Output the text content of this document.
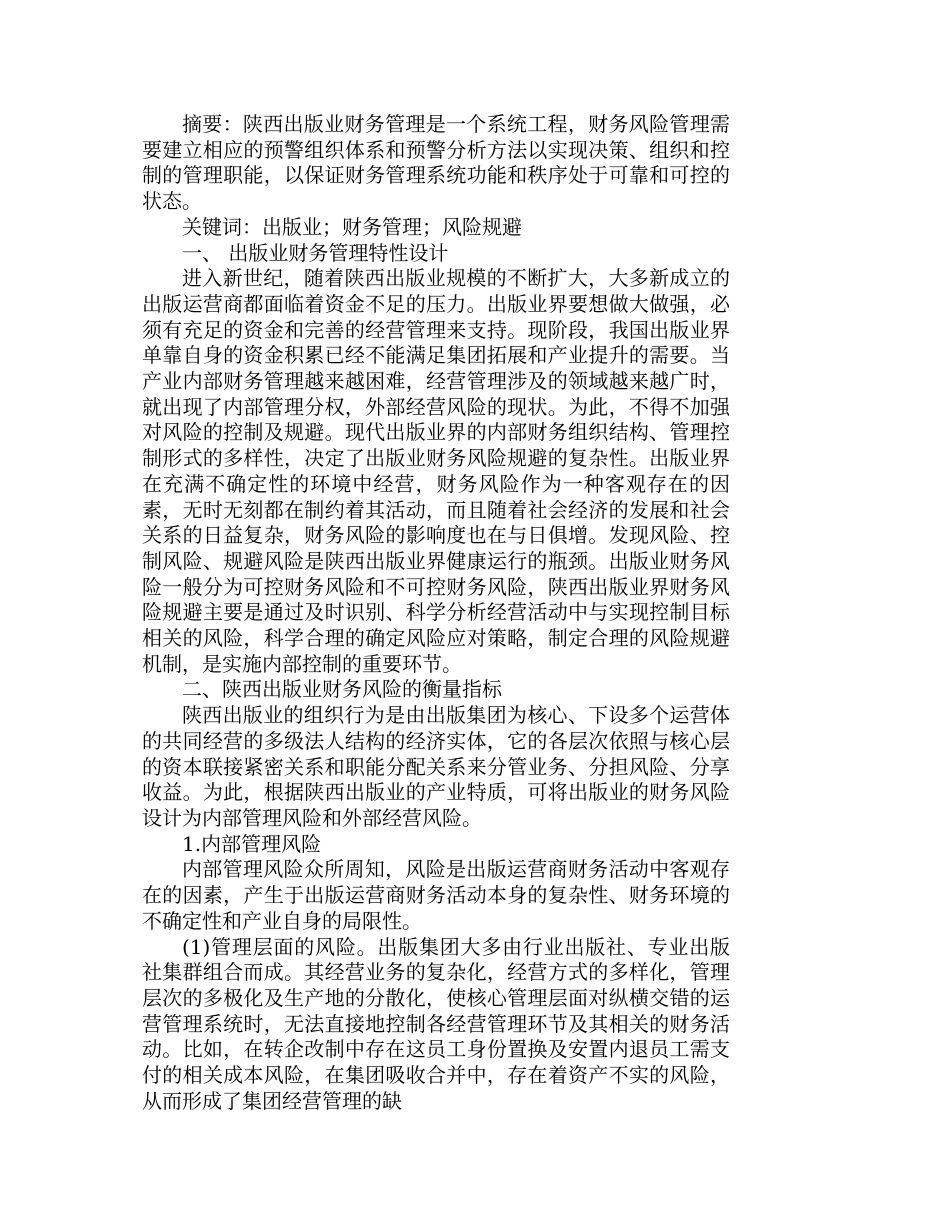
摘要：陕西出版业财务管理是一个系统工程，财务风险管理需要建立相应的预警组织体系和预警分析方法以实现决策、组织和控制的管理职能，以保证财务管理系统功能和秩序处于可靠和可控的状态。

关键词：出版业；财务管理；风险规避

一、 出版业财务管理特性设计

进入新世纪，随着陕西出版业规模的不断扩大，大多新成立的出版运营商都面临着资金不足的压力。出版业界要想做大做强，必须有充足的资金和完善的经营管理来支持。现阶段，我国出版业界单靠自身的资金积累已经不能满足集团拓展和产业提升的需要。当产业内部财务管理越来越困难，经营管理涉及的领域越来越广时，就出现了内部管理分权，外部经营风险的现状。为此，不得不加强对风险的控制及规避。现代出版业界的内部财务组织结构、管理控制形式的多样性，决定了出版业财务风险规避的复杂性。出版业界在充满不确定性的环境中经营，财务风险作为一种客观存在的因素，无时无刻都在制约着其活动，而且随着社会经济的发展和社会关系的日益复杂，财务风险的影响度也在与日俱增。发现风险、控制风险、规避风险是陕西出版业界健康运行的瓶颈。出版业财务风险一般分为可控财务风险和不可控财务风险，陕西出版业界财务风险规避主要是通过及时识别、科学分析经营活动中与实现控制目标相关的风险，科学合理的确定风险应对策略，制定合理的风险规避机制，是实施内部控制的重要环节。

二、陕西出版业财务风险的衡量指标

陕西出版业的组织行为是由出版集团为核心、下设多个运营体的共同经营的多级法人结构的经济实体，它的各层次依照与核心层的资本联接紧密关系和职能分配关系来分管业务、分担风险、分享收益。为此，根据陕西出版业的产业特质，可将出版业的财务风险设计为内部管理风险和外部经营风险。

1.内部管理风险

内部管理风险众所周知，风险是出版运营商财务活动中客观存在的因素，产生于出版运营商财务活动本身的复杂性、财务环境的不确定性和产业自身的局限性。

(1)管理层面的风险。出版集团大多由行业出版社、专业出版社集群组合而成。其经营业务的复杂化，经营方式的多样化，管理层次的多极化及生产地的分散化，使核心管理层面对纵横交错的运营管理系统时，无法直接地控制各经营管理环节及其相关的财务活动。比如，在转企改制中存在这员工身份置换及安置内退员工需支付的相关成本风险，在集团吸收合并中，存在着资产不实的风险，从而形成了集团经营管理的缺
